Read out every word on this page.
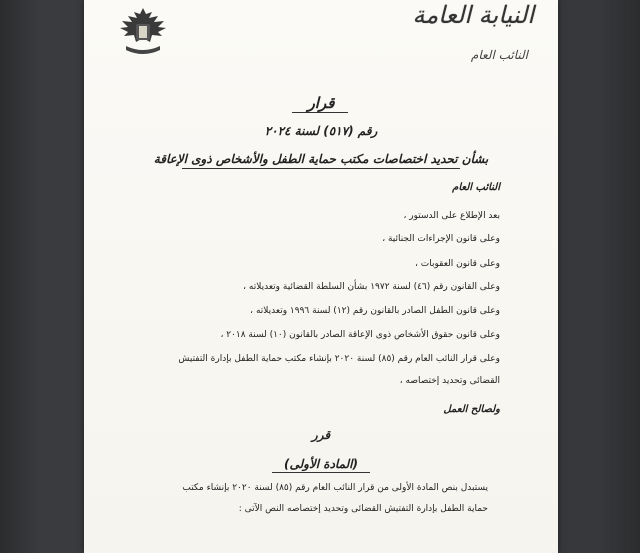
النيابة العامة
النائب العام
قرار
رقم (٥١٧) لسنة ٢٠٢٤
بشأن تحديد اختصاصات مكتب حماية الطفل والأشخاص ذوى الإعاقة
النائب العام
بعد الإطلاع على الدستور ،
وعلى قانون الإجراءات الجنائية ،
وعلى قانون العقوبات ،
وعلى القانون رقم (٤٦) لسنة ١٩٧٢ بشأن السلطة القضائية وتعديلاته ،
وعلى قانون الطفل الصادر بالقانون رقم (١٢) لسنة ١٩٩٦ وتعديلاته ،
وعلى قانون حقوق الأشخاص ذوى الإعاقة الصادر بالقانون (١٠) لسنة ٢٠١٨ ،
وعلى قرار النائب العام رقم (٨٥) لسنة ٢٠٢٠ بإنشاء مكتب حماية الطفل بإدارة التفتيش
القضائى وتحديد إختصاصه ،
ولصالح العمل
قرر
(المادة الأولى)
يستبدل بنص المادة الأولى من قرار النائب العام رقم (٨٥) لسنة ٢٠٢٠ بإنشاء مكتب
حماية الطفل بإدارة التفتيش القضائى وتحديد إختصاصه النص الآتى :
